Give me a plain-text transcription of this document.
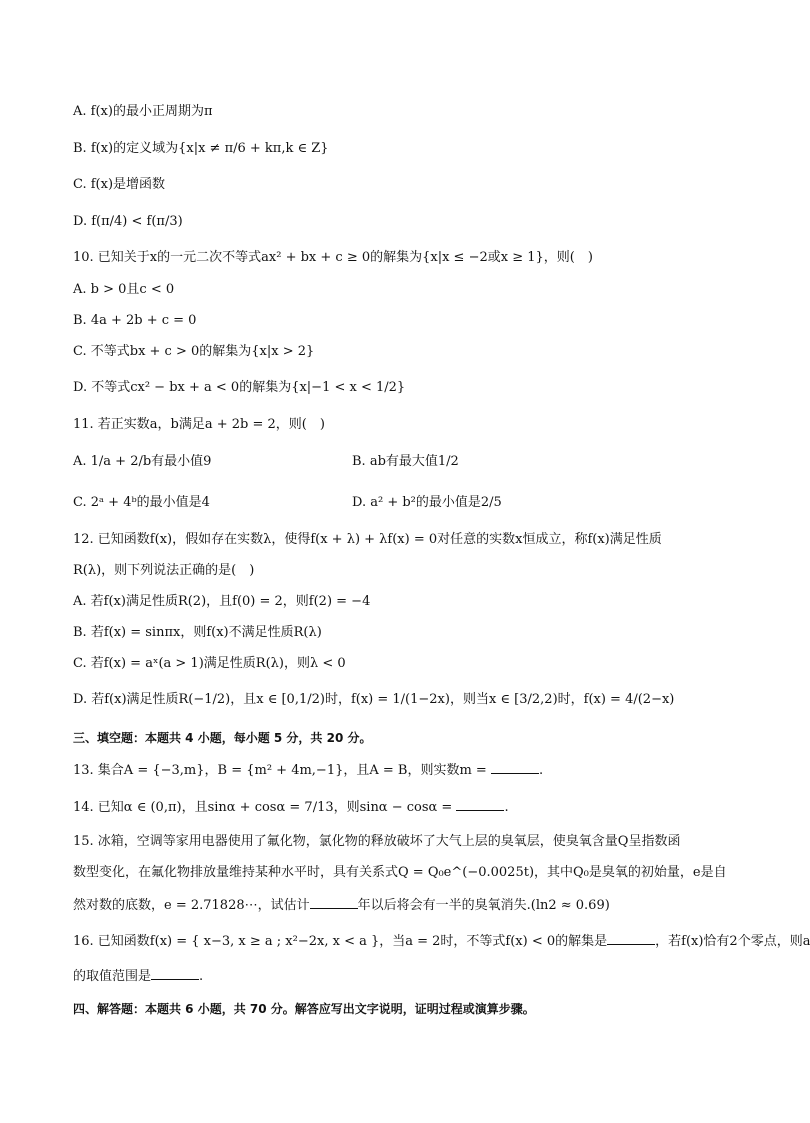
A. f(x)的最小正周期为π
B. f(x)的定义域为{x|x ≠ π/6 + kπ,k ∈ Z}
C. f(x)是增函数
D. f(π/4) < f(π/3)
10. 已知关于x的一元二次不等式ax² + bx + c ≥ 0的解集为{x|x ≤ −2或x ≥ 1}，则(　)
A. b > 0且c < 0
B. 4a + 2b + c = 0
C. 不等式bx + c > 0的解集为{x|x > 2}
D. 不等式cx² − bx + a < 0的解集为{x|−1 < x < 1/2}
11. 若正实数a，b满足a + 2b = 2，则(　)
A. 1/a + 2/b有最小值9	B. ab有最大值1/2
C. 2ᵃ + 4ᵇ的最小值是4	D. a² + b²的最小值是2/5
12. 已知函数f(x)，假如存在实数λ，使得f(x + λ) + λf(x) = 0对任意的实数x恒成立，称f(x)满足性质
R(λ)，则下列说法正确的是(　)
A. 若f(x)满足性质R(2)，且f(0) = 2，则f(2) = −4
B. 若f(x) = sinπx，则f(x)不满足性质R(λ)
C. 若f(x) = aˣ(a > 1)满足性质R(λ)，则λ < 0
D. 若f(x)满足性质R(−1/2)，且x ∈ [0,1/2)时，f(x) = 1/(1−2x)，则当x ∈ [3/2,2)时，f(x) = 4/(2−x)
三、填空题：本题共 4 小题，每小题 5 分，共 20 分。
13. 集合A = {−3,m}，B = {m² + 4m,−1}，且A = B，则实数m =	.
14. 已知α ∈ (0,π)，且sinα + cosα = 7/13，则sinα − cosα =	.
15. 冰箱，空调等家用电器使用了氟化物，氯化物的释放破坏了大气上层的臭氧层，使臭氧含量Q呈指数函
数型变化，在氟化物排放量维持某种水平时，具有关系式Q = Q₀e^(−0.0025t)，其中Q₀是臭氧的初始量，e是自
然对数的底数，e = 2.71828⋯，试估计	年以后将会有一半的臭氧消失.(ln2 ≈ 0.69)
16. 已知函数f(x) = { x−3, x ≥ a ; x²−2x, x < a }，当a = 2时，不等式f(x) < 0的解集是	，若f(x)恰有2个零点，则a
的取值范围是	.
四、解答题：本题共 6 小题，共 70 分。解答应写出文字说明，证明过程或演算步骤。
